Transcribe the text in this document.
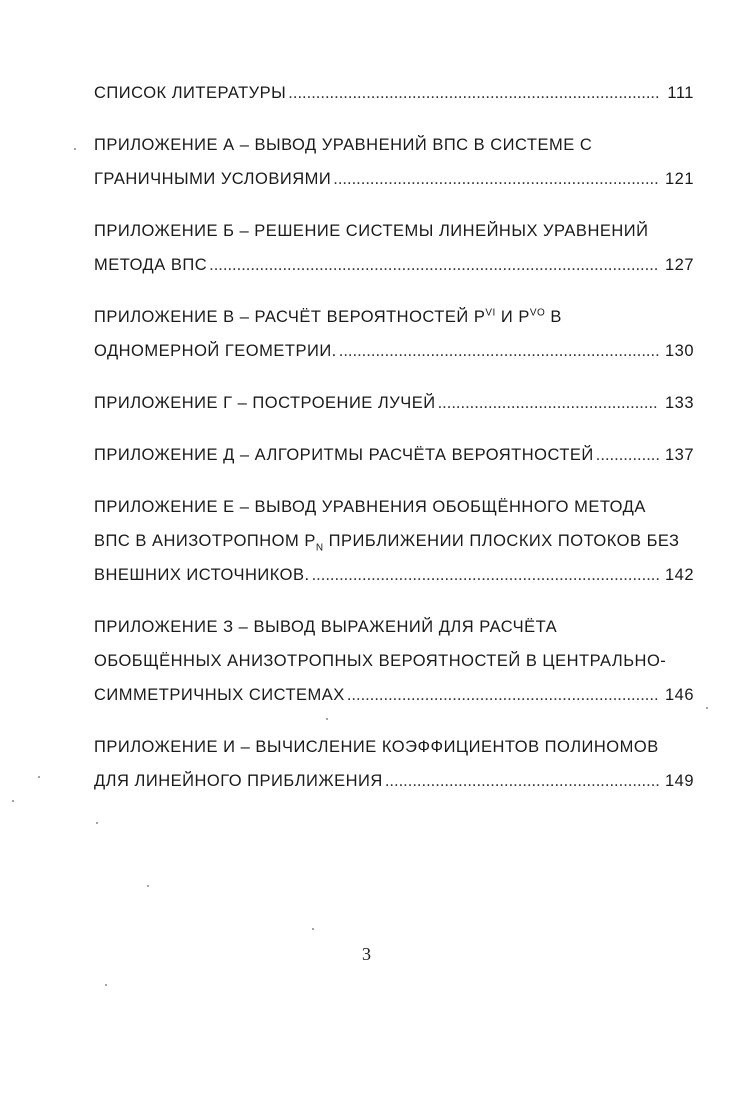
СПИСОК ЛИТЕРАТУРЫ .....	111
ПРИЛОЖЕНИЕ А – ВЫВОД УРАВНЕНИЙ ВПС В СИСТЕМЕ С
ГРАНИЧНЫМИ УСЛОВИЯМИ .....	121
ПРИЛОЖЕНИЕ Б – РЕШЕНИЕ СИСТЕМЫ ЛИНЕЙНЫХ УРАВНЕНИЙ
МЕТОДА ВПС .....	127
ПРИЛОЖЕНИЕ В – РАСЧЁТ ВЕРОЯТНОСТЕЙ $P^{VI}$ И $P^{VO}$ В
ОДНОМЕРНОЙ ГЕОМЕТРИИ. .....	130
ПРИЛОЖЕНИЕ Г – ПОСТРОЕНИЕ ЛУЧЕЙ .....	133
ПРИЛОЖЕНИЕ Д – АЛГОРИТМЫ РАСЧЁТА ВЕРОЯТНОСТЕЙ .....	137
ПРИЛОЖЕНИЕ Е – ВЫВОД УРАВНЕНИЯ ОБОБЩЁННОГО МЕТОДА
ВПС В АНИЗОТРОПНОМ $P_N$ ПРИБЛИЖЕНИИ ПЛОСКИХ ПОТОКОВ БЕЗ
ВНЕШНИХ ИСТОЧНИКОВ. .....	142
ПРИЛОЖЕНИЕ З – ВЫВОД ВЫРАЖЕНИЙ ДЛЯ РАСЧЁТА
ОБОБЩЁННЫХ АНИЗОТРОПНЫХ ВЕРОЯТНОСТЕЙ В ЦЕНТРАЛЬНО-
СИММЕТРИЧНЫХ СИСТЕМАХ .....	146
ПРИЛОЖЕНИЕ И – ВЫЧИСЛЕНИЕ КОЭФФИЦИЕНТОВ ПОЛИНОМОВ
ДЛЯ ЛИНЕЙНОГО ПРИБЛИЖЕНИЯ .....	149
3
